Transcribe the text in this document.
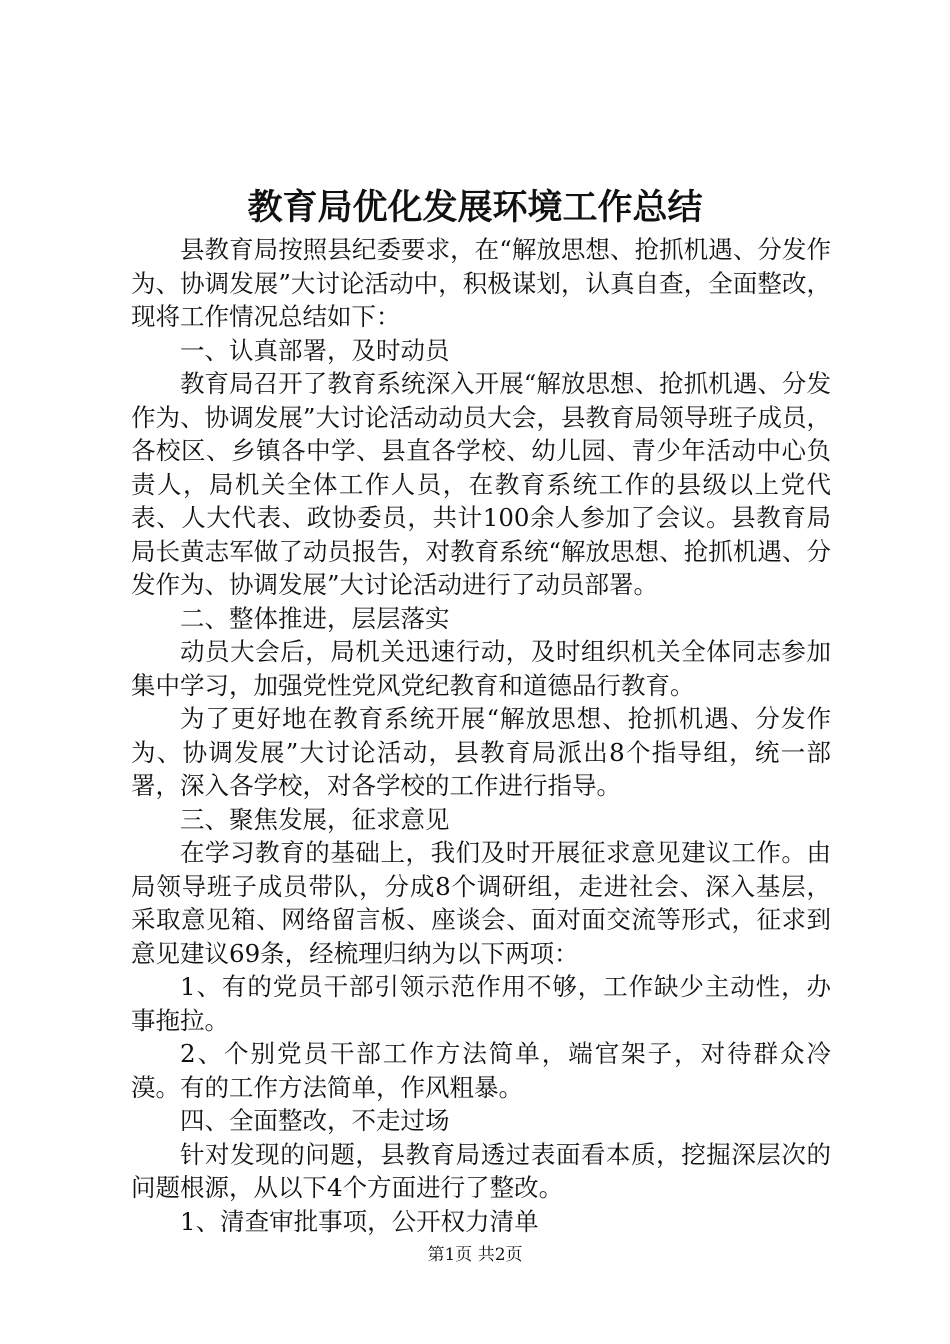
教育局优化发展环境工作总结

县教育局按照县纪委要求，在“解放思想、抢抓机遇、分发作为、协调发展”大讨论活动中，积极谋划，认真自查，全面整改，现将工作情况总结如下：

一、认真部署，及时动员

教育局召开了教育系统深入开展“解放思想、抢抓机遇、分发作为、协调发展”大讨论活动动员大会，县教育局领导班子成员，各校区、乡镇各中学、县直各学校、幼儿园、青少年活动中心负责人，局机关全体工作人员，在教育系统工作的县级以上党代表、人大代表、政协委员，共计100余人参加了会议。县教育局局长黄志军做了动员报告，对教育系统“解放思想、抢抓机遇、分发作为、协调发展”大讨论活动进行了动员部署。

二、整体推进，层层落实

动员大会后，局机关迅速行动，及时组织机关全体同志参加集中学习，加强党性党风党纪教育和道德品行教育。

为了更好地在教育系统开展“解放思想、抢抓机遇、分发作为、协调发展”大讨论活动，县教育局派出8个指导组，统一部署，深入各学校，对各学校的工作进行指导。

三、聚焦发展，征求意见

在学习教育的基础上，我们及时开展征求意见建议工作。由局领导班子成员带队，分成8个调研组，走进社会、深入基层，采取意见箱、网络留言板、座谈会、面对面交流等形式，征求到意见建议69条，经梳理归纳为以下两项：

1、有的党员干部引领示范作用不够，工作缺少主动性，办事拖拉。

2、个别党员干部工作方法简单，端官架子，对待群众冷漠。有的工作方法简单，作风粗暴。

四、全面整改，不走过场

针对发现的问题，县教育局透过表面看本质，挖掘深层次的问题根源，从以下4个方面进行了整改。

1、清查审批事项，公开权力清单

第1页 共2页
